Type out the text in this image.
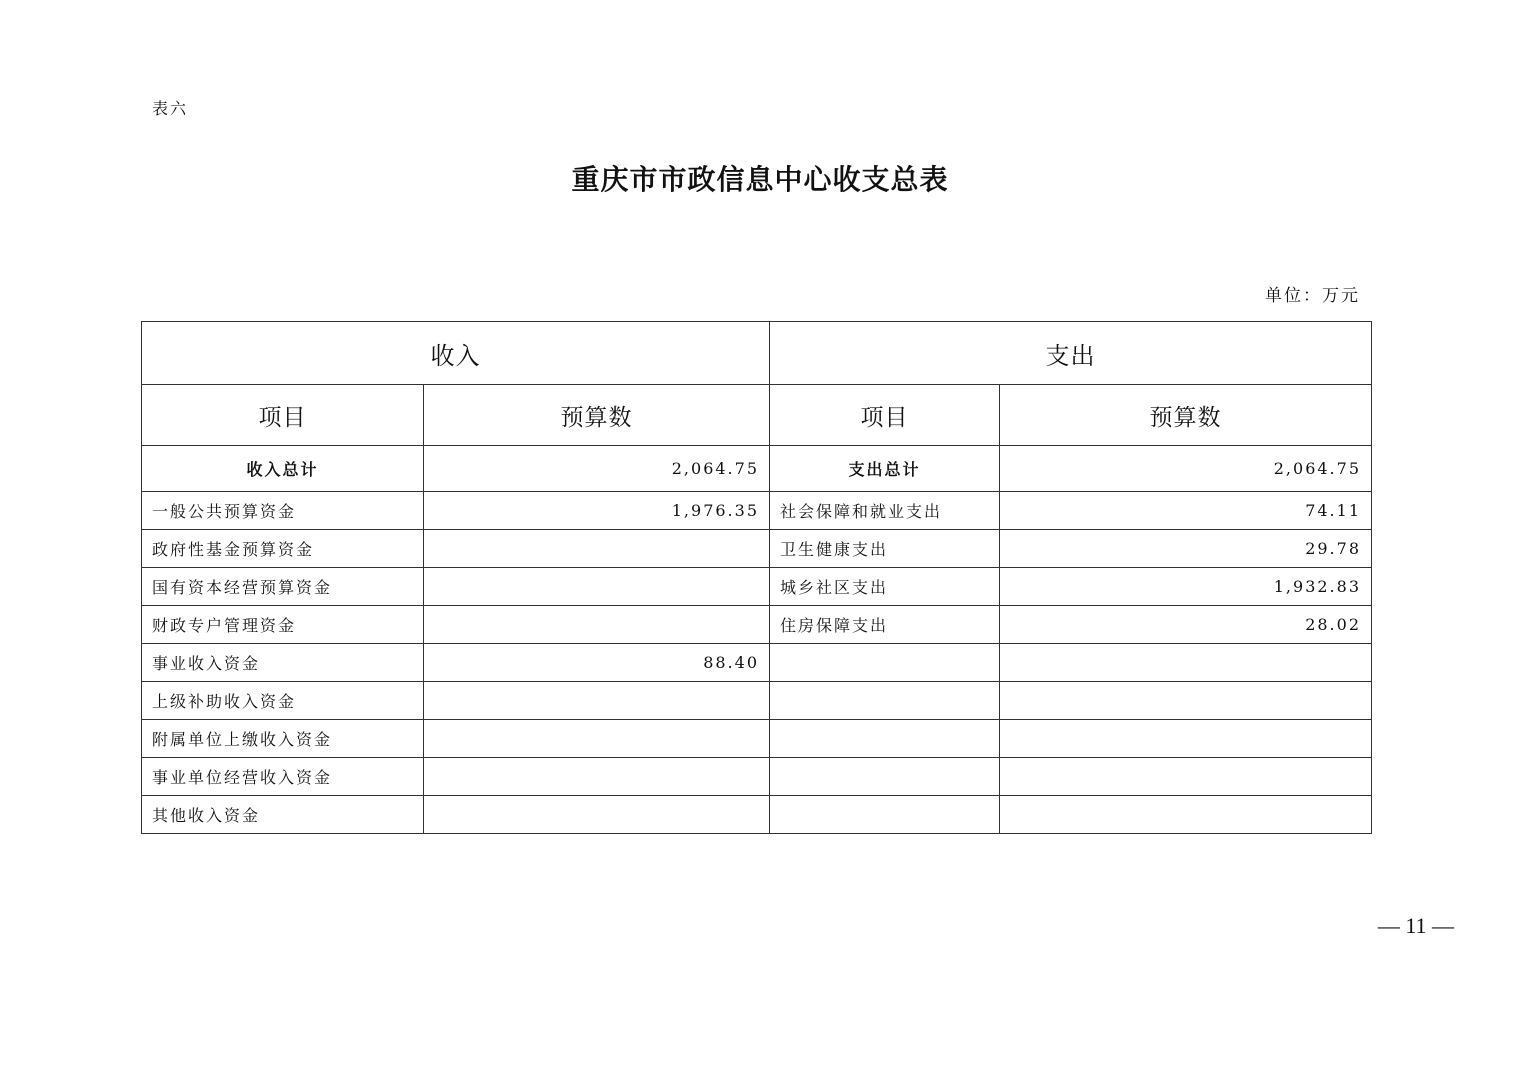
表六
重庆市市政信息中心收支总表
单位：万元
收入		支出	
项目	预算数	项目	预算数
收入总计	2,064.75	支出总计	2,064.75
一般公共预算资金	1,976.35	社会保障和就业支出	74.11
政府性基金预算资金		卫生健康支出	29.78
国有资本经营预算资金		城乡社区支出	1,932.83
财政专户管理资金		住房保障支出	28.02
事业收入资金	88.40		
上级补助收入资金			
附属单位上缴收入资金			
事业单位经营收入资金			
其他收入资金			
— 11 —
